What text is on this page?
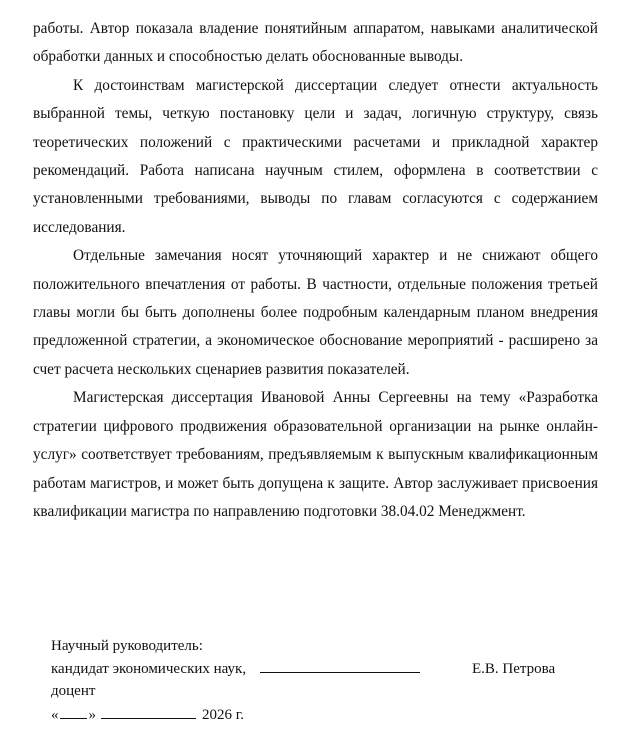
работы. Автор показала владение понятийным аппаратом, навыками аналитической обработки данных и способностью делать обоснованные выводы.

К достоинствам магистерской диссертации следует отнести актуальность выбранной темы, четкую постановку цели и задач, логичную структуру, связь теоретических положений с практическими расчетами и прикладной характер рекомендаций. Работа написана научным стилем, оформлена в соответствии с установленными требованиями, выводы по главам согласуются с содержанием исследования.

Отдельные замечания носят уточняющий характер и не снижают общего положительного впечатления от работы. В частности, отдельные положения третьей главы могли бы быть дополнены более подробным календарным планом внедрения предложенной стратегии, а экономическое обоснование мероприятий - расширено за счет расчета нескольких сценариев развития показателей.

Магистерская диссертация Ивановой Анны Сергеевны на тему «Разработка стратегии цифрового продвижения образовательной организации на рынке онлайн-услуг» соответствует требованиям, предъявляемым к выпускным квалификационным работам магистров, и может быть допущена к защите. Автор заслуживает присвоения квалификации магистра по направлению подготовки 38.04.02 Менеджмент.

Научный руководитель:
кандидат экономических наук,	Е.В. Петрова
доцент
« »	2026 г.
